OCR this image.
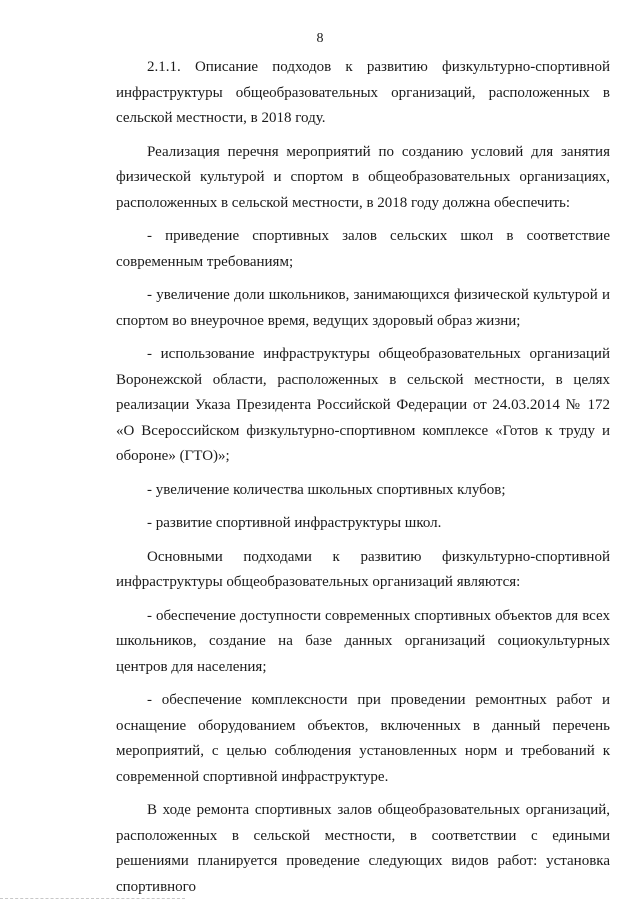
8

2.1.1. Описание подходов к развитию физкультурно-спортивной инфраструктуры общеобразовательных организаций, расположенных в сельской местности, в 2018 году.

Реализация перечня мероприятий по созданию условий для занятия физической культурой и спортом в общеобразовательных организациях, расположенных в сельской местности, в 2018 году должна обеспечить:

- приведение спортивных залов сельских школ в соответствие современным требованиям;

- увеличение доли школьников, занимающихся физической культурой и спортом во внеурочное время, ведущих здоровый образ жизни;

- использование инфраструктуры общеобразовательных организаций Воронежской области, расположенных в сельской местности, в целях реализации Указа Президента Российской Федерации от 24.03.2014 № 172 «О Всероссийском физкультурно-спортивном комплексе «Готов к труду и обороне» (ГТО)»;

- увеличение количества школьных спортивных клубов;

- развитие спортивной инфраструктуры школ.

Основными подходами к развитию физкультурно-спортивной инфраструктуры общеобразовательных организаций являются:

- обеспечение доступности современных спортивных объектов для всех школьников, создание на базе данных организаций социокультурных центров для населения;

- обеспечение комплексности при проведении ремонтных работ и оснащение оборудованием объектов, включенных в данный перечень мероприятий, с целью соблюдения установленных норм и требований к современной спортивной инфраструктуре.

В ходе ремонта спортивных залов общеобразовательных организаций, расположенных в сельской местности, в соответствии с едиными решениями планируется проведение следующих видов работ: установка спортивного
